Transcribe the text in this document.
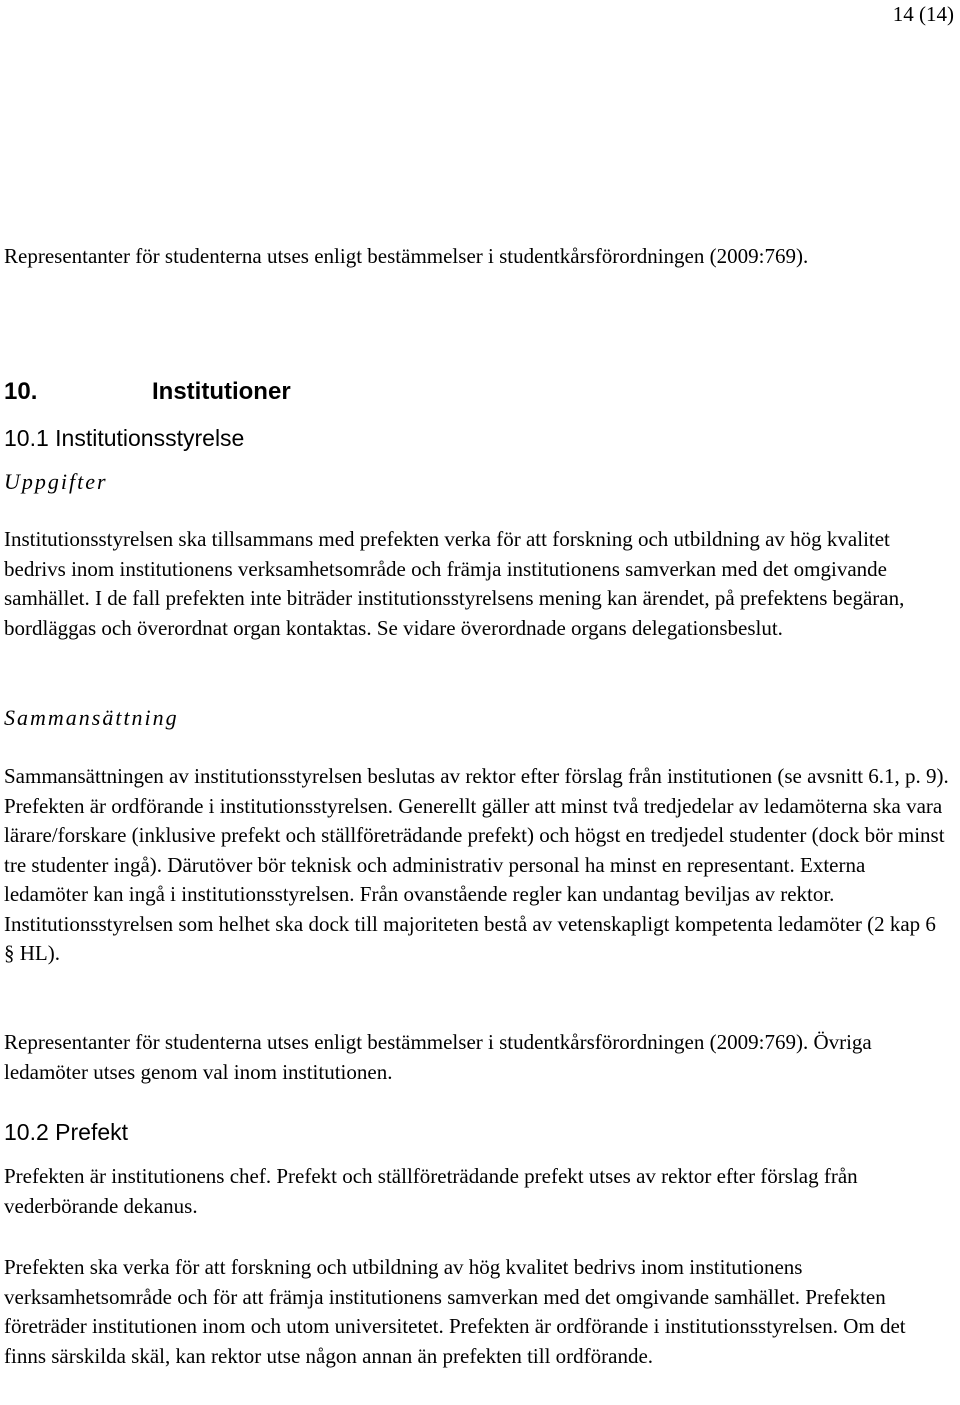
14 (14)

Representanter för studenterna utses enligt bestämmelser i studentkårsförordningen (2009:769).

10.	Institutioner
10.1 Institutionsstyrelse
Uppgifter

Institutionsstyrelsen ska tillsammans med prefekten verka för att forskning och utbildning av hög kvalitet bedrivs inom institutionens verksamhetsområde och främja institutionens samverkan med det omgivande samhället. I de fall prefekten inte biträder institutionsstyrelsens mening kan ärendet, på prefektens begäran, bordläggas och överordnat organ kontaktas. Se vidare överordnade organs delegationsbeslut.

Sammansättning

Sammansättningen av institutionsstyrelsen beslutas av rektor efter förslag från institutionen (se avsnitt 6.1, p. 9). Prefekten är ordförande i institutionsstyrelsen. Generellt gäller att minst två tredjedelar av ledamöterna ska vara lärare/forskare (inklusive prefekt och ställföreträdande prefekt) och högst en tredjedel studenter (dock bör minst tre studenter ingå). Därutöver bör teknisk och administrativ personal ha minst en representant. Externa ledamöter kan ingå i institutionsstyrelsen. Från ovanstående regler kan undantag beviljas av rektor. Institutionsstyrelsen som helhet ska dock till majoriteten bestå av vetenskapligt kompetenta ledamöter (2 kap 6 § HL).

Representanter för studenterna utses enligt bestämmelser i studentkårsförordningen (2009:769). Övriga ledamöter utses genom val inom institutionen.

10.2 Prefekt

Prefekten är institutionens chef. Prefekt och ställföreträdande prefekt utses av rektor efter förslag från vederbörande dekanus.

Prefekten ska verka för att forskning och utbildning av hög kvalitet bedrivs inom institutionens verksamhetsområde och för att främja institutionens samverkan med det omgivande samhället. Prefekten företräder institutionen inom och utom universitetet. Prefekten är ordförande i institutionsstyrelsen. Om det finns särskilda skäl, kan rektor utse någon annan än prefekten till ordförande.
